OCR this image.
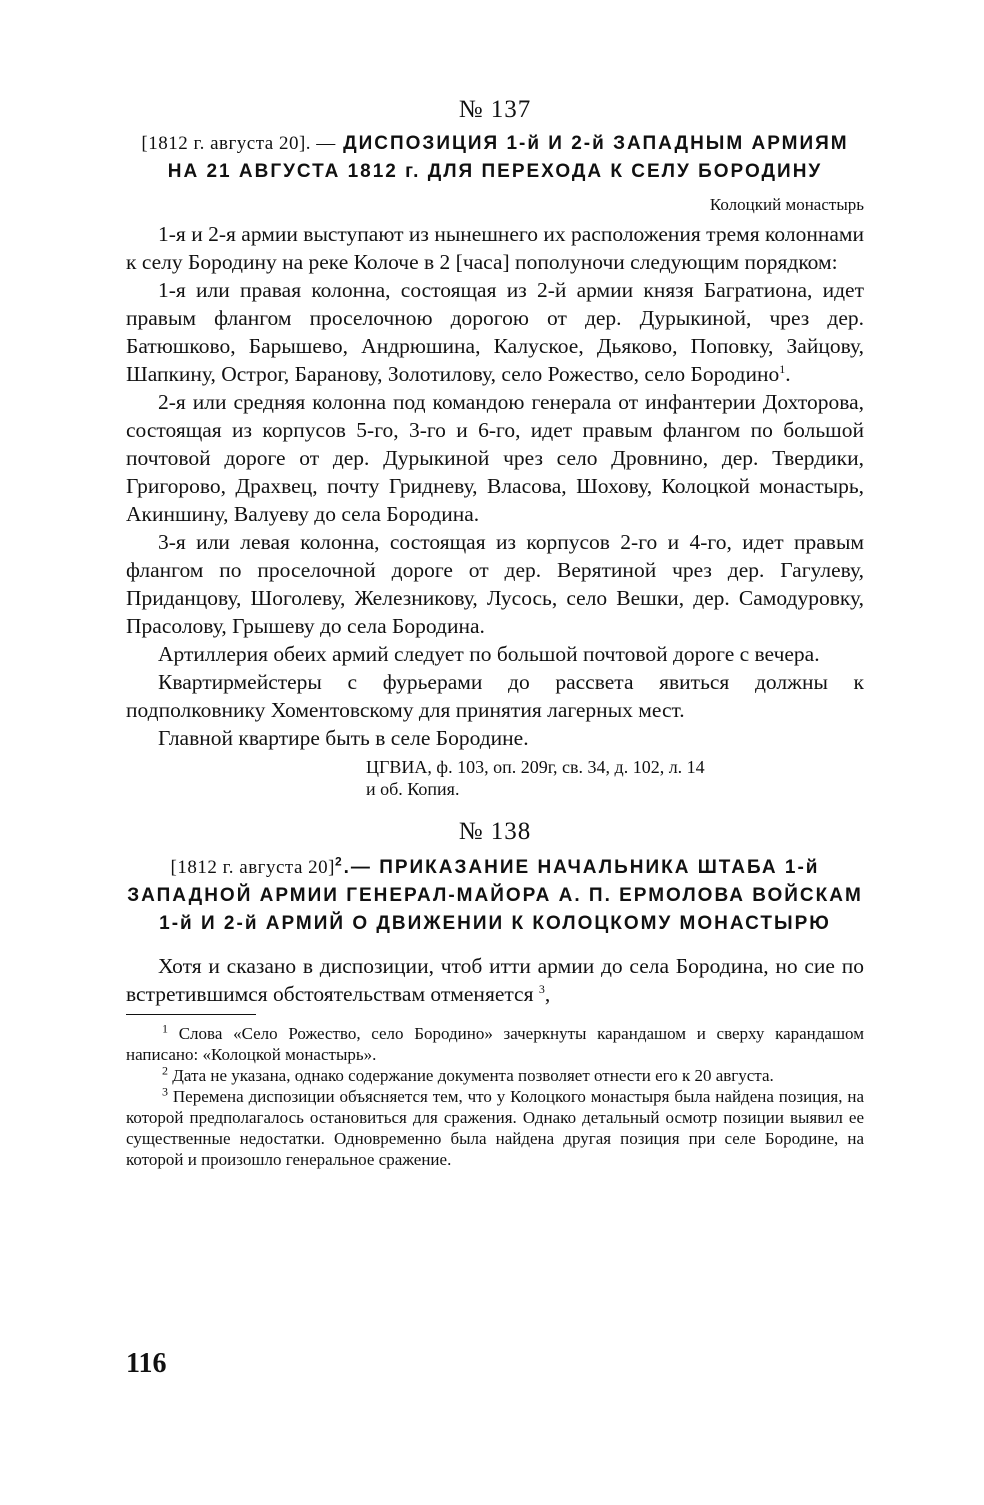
№ 137

[1812 г. августа 20]. — ДИСПОЗИЦИЯ 1-й И 2-й ЗАПАДНЫМ АРМИЯМ НА 21 АВГУСТА 1812 г. ДЛЯ ПЕРЕХОДА К СЕЛУ БОРОДИНУ

Колоцкий монастырь

1-я и 2-я армии выступают из нынешнего их расположения тремя колоннами к селу Бородину на реке Колоче в 2 [часа] пополуночи следующим порядком:

1-я или правая колонна, состоящая из 2-й армии князя Багратиона, идет правым флангом проселочною дорогою от дер. Дурыкиной, чрез дер. Батюшково, Барышево, Андрюшина, Калуское, Дьяково, Поповку, Зайцову, Шапкину, Острог, Баранову, Золотилову, село Рожество, село Бородино$^1$.

2-я или средняя колонна под командою генерала от инфантерии Дохторова, состоящая из корпусов 5-го, 3-го и 6-го, идет правым флангом по большой почтовой дороге от дер. Дурыкиной чрез село Дровнино, дер. Твердики, Григорово, Драхвец, почту Гридневу, Власова, Шохову, Колоцкой монастырь, Акиншину, Валуеву до села Бородина.

3-я или левая колонна, состоящая из корпусов 2-го и 4-го, идет правым флангом по проселочной дороге от дер. Верятиной чрез дер. Гагулеву, Приданцову, Шоголеву, Железникову, Лусось, село Вешки, дер. Самодуровку, Прасолову, Грышеву до села Бородина.

Артиллерия обеих армий следует по большой почтовой дороге с вечера.

Квартирмейстеры с фурьерами до рассвета явиться должны к подполковнику Хоментовскому для принятия лагерных мест.

Главной квартире быть в селе Бородине.

ЦГВИА, ф. 103, оп. 209г, св. 34, д. 102, л. 14

и об. Копия.

№ 138

[1812 г. августа 20]$^2$.— ПРИКАЗАНИЕ НАЧАЛЬНИКА ШТАБА 1-й ЗАПАДНОЙ АРМИИ ГЕНЕРАЛ-МАЙОРА А. П. ЕРМОЛОВА ВОЙСКАМ 1-й И 2-й АРМИЙ О ДВИЖЕНИИ К КОЛОЦКОМУ МОНАСТЫРЮ

Хотя и сказано в диспозиции, чтоб итти армии до села Бородина, но сие по встретившимся обстоятельствам отменяется $^3$,

$^1$ Слова «Село Рожество, село Бородино» зачеркнуты карандашом и сверху карандашом написано: «Колоцкой монастырь».

$^2$ Дата не указана, однако содержание документа позволяет отнести его к 20 августа.

$^3$ Перемена диспозиции объясняется тем, что у Колоцкого монастыря была найдена позиция, на которой предполагалось остановиться для сражения. Однако детальный осмотр позиции выявил ее существенные недостатки. Одновременно была найдена другая позиция при селе Бородине, на которой и произошло генеральное сражение.

116
